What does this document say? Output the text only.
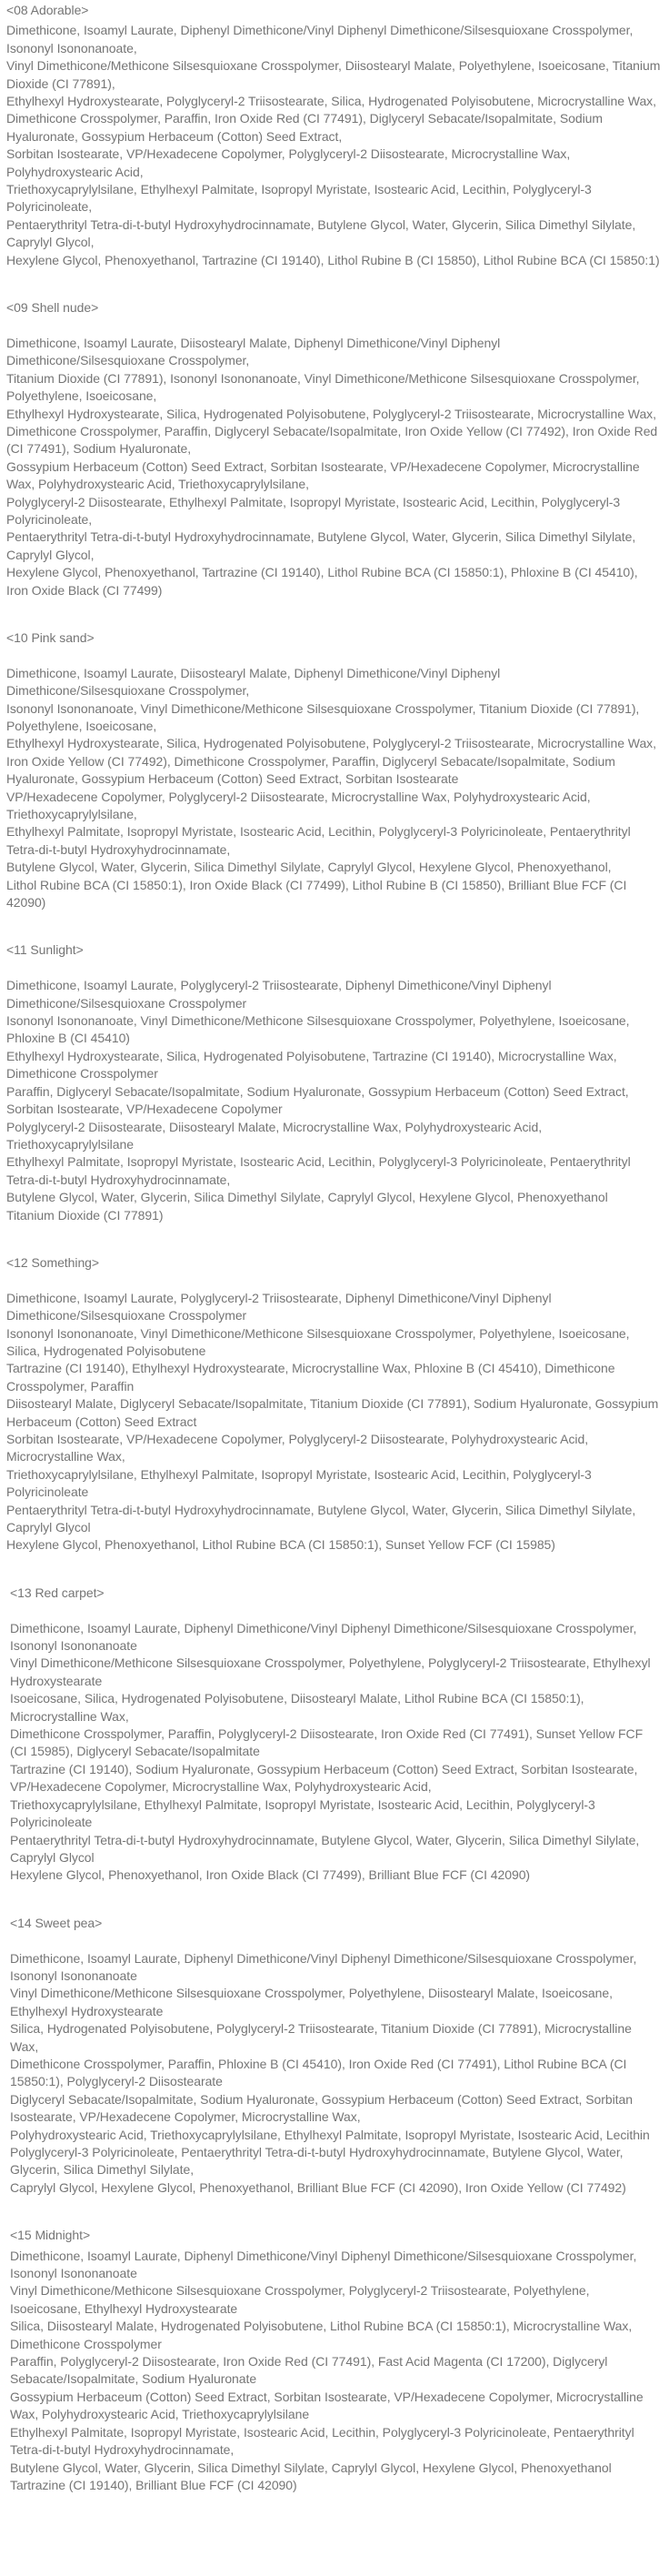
<08 Adorable>
Dimethicone, Isoamyl Laurate, Diphenyl Dimethicone/Vinyl Diphenyl Dimethicone/Silsesquioxane Crosspolymer, Isononyl Isononanoate,
Vinyl Dimethicone/Methicone Silsesquioxane Crosspolymer, Diisostearyl Malate, Polyethylene, Isoeicosane, Titanium Dioxide (CI 77891),
Ethylhexyl Hydroxystearate, Polyglyceryl-2 Triisostearate, Silica, Hydrogenated Polyisobutene, Microcrystalline Wax,
Dimethicone Crosspolymer, Paraffin, Iron Oxide Red (CI 77491), Diglyceryl Sebacate/Isopalmitate, Sodium Hyaluronate, Gossypium Herbaceum (Cotton) Seed Extract,
Sorbitan Isostearate, VP/Hexadecene Copolymer, Polyglyceryl-2 Diisostearate, Microcrystalline Wax, Polyhydroxystearic Acid,
Triethoxycaprylylsilane, Ethylhexyl Palmitate, Isopropyl Myristate, Isostearic Acid, Lecithin, Polyglyceryl-3 Polyricinoleate,
Pentaerythrityl Tetra-di-t-butyl Hydroxyhydrocinnamate, Butylene Glycol, Water, Glycerin, Silica Dimethyl Silylate, Caprylyl Glycol,
Hexylene Glycol, Phenoxyethanol, Tartrazine (CI 19140), Lithol Rubine B (CI 15850), Lithol Rubine BCA (CI 15850:1)
<09 Shell nude>
Dimethicone, Isoamyl Laurate, Diisostearyl Malate, Diphenyl Dimethicone/Vinyl Diphenyl Dimethicone/Silsesquioxane Crosspolymer,
Titanium Dioxide (CI 77891), Isononyl Isononanoate, Vinyl Dimethicone/Methicone Silsesquioxane Crosspolymer, Polyethylene, Isoeicosane,
Ethylhexyl Hydroxystearate, Silica, Hydrogenated Polyisobutene, Polyglyceryl-2 Triisostearate, Microcrystalline Wax,
Dimethicone Crosspolymer, Paraffin, Diglyceryl Sebacate/Isopalmitate, Iron Oxide Yellow (CI 77492), Iron Oxide Red (CI 77491), Sodium Hyaluronate,
Gossypium Herbaceum (Cotton) Seed Extract, Sorbitan Isostearate, VP/Hexadecene Copolymer, Microcrystalline Wax, Polyhydroxystearic Acid, Triethoxycaprylylsilane,
Polyglyceryl-2 Diisostearate, Ethylhexyl Palmitate, Isopropyl Myristate, Isostearic Acid, Lecithin, Polyglyceryl-3 Polyricinoleate,
Pentaerythrityl Tetra-di-t-butyl Hydroxyhydrocinnamate, Butylene Glycol, Water, Glycerin, Silica Dimethyl Silylate, Caprylyl Glycol,
Hexylene Glycol, Phenoxyethanol, Tartrazine (CI 19140), Lithol Rubine BCA (CI 15850:1), Phloxine B (CI 45410), Iron Oxide Black (CI 77499)
<10 Pink sand>
Dimethicone, Isoamyl Laurate, Diisostearyl Malate, Diphenyl Dimethicone/Vinyl Diphenyl Dimethicone/Silsesquioxane Crosspolymer,
Isononyl Isononanoate, Vinyl Dimethicone/Methicone Silsesquioxane Crosspolymer, Titanium Dioxide (CI 77891), Polyethylene, Isoeicosane,
Ethylhexyl Hydroxystearate, Silica, Hydrogenated Polyisobutene, Polyglyceryl-2 Triisostearate, Microcrystalline Wax,
Iron Oxide Yellow (CI 77492), Dimethicone Crosspolymer, Paraffin, Diglyceryl Sebacate/Isopalmitate, Sodium Hyaluronate, Gossypium Herbaceum (Cotton) Seed Extract, Sorbitan Isostearate
VP/Hexadecene Copolymer, Polyglyceryl-2 Diisostearate, Microcrystalline Wax, Polyhydroxystearic Acid, Triethoxycaprylylsilane,
Ethylhexyl Palmitate, Isopropyl Myristate, Isostearic Acid, Lecithin, Polyglyceryl-3 Polyricinoleate, Pentaerythrityl Tetra-di-t-butyl Hydroxyhydrocinnamate,
Butylene Glycol, Water, Glycerin, Silica Dimethyl Silylate, Caprylyl Glycol, Hexylene Glycol, Phenoxyethanol,
Lithol Rubine BCA (CI 15850:1), Iron Oxide Black (CI 77499), Lithol Rubine B (CI 15850), Brilliant Blue FCF (CI 42090)
<11 Sunlight>
Dimethicone, Isoamyl Laurate, Polyglyceryl-2 Triisostearate, Diphenyl Dimethicone/Vinyl Diphenyl Dimethicone/Silsesquioxane Crosspolymer
Isononyl Isononanoate, Vinyl Dimethicone/Methicone Silsesquioxane Crosspolymer, Polyethylene, Isoeicosane, Phloxine B (CI 45410)
Ethylhexyl Hydroxystearate, Silica, Hydrogenated Polyisobutene, Tartrazine (CI 19140), Microcrystalline Wax, Dimethicone Crosspolymer
Paraffin, Diglyceryl Sebacate/Isopalmitate, Sodium Hyaluronate, Gossypium Herbaceum (Cotton) Seed Extract, Sorbitan Isostearate, VP/Hexadecene Copolymer
Polyglyceryl-2 Diisostearate, Diisostearyl Malate, Microcrystalline Wax, Polyhydroxystearic Acid, Triethoxycaprylylsilane
Ethylhexyl Palmitate, Isopropyl Myristate, Isostearic Acid, Lecithin, Polyglyceryl-3 Polyricinoleate, Pentaerythrityl Tetra-di-t-butyl Hydroxyhydrocinnamate,
Butylene Glycol, Water, Glycerin, Silica Dimethyl Silylate, Caprylyl Glycol, Hexylene Glycol, Phenoxyethanol
Titanium Dioxide (CI 77891)
<12 Something>
Dimethicone, Isoamyl Laurate, Polyglyceryl-2 Triisostearate, Diphenyl Dimethicone/Vinyl Diphenyl Dimethicone/Silsesquioxane Crosspolymer
Isononyl Isononanoate, Vinyl Dimethicone/Methicone Silsesquioxane Crosspolymer, Polyethylene, Isoeicosane, Silica, Hydrogenated Polyisobutene
Tartrazine (CI 19140), Ethylhexyl Hydroxystearate, Microcrystalline Wax, Phloxine B (CI 45410), Dimethicone Crosspolymer, Paraffin
Diisostearyl Malate, Diglyceryl Sebacate/Isopalmitate, Titanium Dioxide (CI 77891), Sodium Hyaluronate, Gossypium Herbaceum (Cotton) Seed Extract
Sorbitan Isostearate, VP/Hexadecene Copolymer, Polyglyceryl-2 Diisostearate, Polyhydroxystearic Acid, Microcrystalline Wax,
Triethoxycaprylylsilane, Ethylhexyl Palmitate, Isopropyl Myristate, Isostearic Acid, Lecithin, Polyglyceryl-3 Polyricinoleate
Pentaerythrityl Tetra-di-t-butyl Hydroxyhydrocinnamate, Butylene Glycol, Water, Glycerin, Silica Dimethyl Silylate, Caprylyl Glycol
Hexylene Glycol, Phenoxyethanol, Lithol Rubine BCA (CI 15850:1), Sunset Yellow FCF (CI 15985)
<13 Red carpet>
Dimethicone, Isoamyl Laurate, Diphenyl Dimethicone/Vinyl Diphenyl Dimethicone/Silsesquioxane Crosspolymer, Isononyl Isononanoate
Vinyl Dimethicone/Methicone Silsesquioxane Crosspolymer, Polyethylene, Polyglyceryl-2 Triisostearate, Ethylhexyl Hydroxystearate
Isoeicosane, Silica, Hydrogenated Polyisobutene, Diisostearyl Malate, Lithol Rubine BCA (CI 15850:1), Microcrystalline Wax,
Dimethicone Crosspolymer, Paraffin, Polyglyceryl-2 Diisostearate, Iron Oxide Red (CI 77491), Sunset Yellow FCF (CI 15985), Diglyceryl Sebacate/Isopalmitate
Tartrazine (CI 19140), Sodium Hyaluronate, Gossypium Herbaceum (Cotton) Seed Extract, Sorbitan Isostearate, VP/Hexadecene Copolymer, Microcrystalline Wax, Polyhydroxystearic Acid,
Triethoxycaprylylsilane, Ethylhexyl Palmitate, Isopropyl Myristate, Isostearic Acid, Lecithin, Polyglyceryl-3 Polyricinoleate
Pentaerythrityl Tetra-di-t-butyl Hydroxyhydrocinnamate, Butylene Glycol, Water, Glycerin, Silica Dimethyl Silylate, Caprylyl Glycol
Hexylene Glycol, Phenoxyethanol, Iron Oxide Black (CI 77499), Brilliant Blue FCF (CI 42090)
<14 Sweet pea>
Dimethicone, Isoamyl Laurate, Diphenyl Dimethicone/Vinyl Diphenyl Dimethicone/Silsesquioxane Crosspolymer, Isononyl Isononanoate
Vinyl Dimethicone/Methicone Silsesquioxane Crosspolymer, Polyethylene, Diisostearyl Malate, Isoeicosane, Ethylhexyl Hydroxystearate
Silica, Hydrogenated Polyisobutene, Polyglyceryl-2 Triisostearate, Titanium Dioxide (CI 77891), Microcrystalline Wax,
Dimethicone Crosspolymer, Paraffin, Phloxine B (CI 45410), Iron Oxide Red (CI 77491), Lithol Rubine BCA (CI 15850:1), Polyglyceryl-2 Diisostearate
Diglyceryl Sebacate/Isopalmitate, Sodium Hyaluronate, Gossypium Herbaceum (Cotton) Seed Extract, Sorbitan Isostearate, VP/Hexadecene Copolymer, Microcrystalline Wax,
Polyhydroxystearic Acid, Triethoxycaprylylsilane, Ethylhexyl Palmitate, Isopropyl Myristate, Isostearic Acid, Lecithin
Polyglyceryl-3 Polyricinoleate, Pentaerythrityl Tetra-di-t-butyl Hydroxyhydrocinnamate, Butylene Glycol, Water, Glycerin, Silica Dimethyl Silylate,
Caprylyl Glycol, Hexylene Glycol, Phenoxyethanol, Brilliant Blue FCF (CI 42090), Iron Oxide Yellow (CI 77492)
<15 Midnight>
Dimethicone, Isoamyl Laurate, Diphenyl Dimethicone/Vinyl Diphenyl Dimethicone/Silsesquioxane Crosspolymer, Isononyl Isononanoate
Vinyl Dimethicone/Methicone Silsesquioxane Crosspolymer, Polyglyceryl-2 Triisostearate, Polyethylene, Isoeicosane, Ethylhexyl Hydroxystearate
Silica, Diisostearyl Malate, Hydrogenated Polyisobutene, Lithol Rubine BCA (CI 15850:1), Microcrystalline Wax, Dimethicone Crosspolymer
Paraffin, Polyglyceryl-2 Diisostearate, Iron Oxide Red (CI 77491), Fast Acid Magenta (CI 17200), Diglyceryl Sebacate/Isopalmitate, Sodium Hyaluronate
Gossypium Herbaceum (Cotton) Seed Extract, Sorbitan Isostearate, VP/Hexadecene Copolymer, Microcrystalline Wax, Polyhydroxystearic Acid, Triethoxycaprylylsilane
Ethylhexyl Palmitate, Isopropyl Myristate, Isostearic Acid, Lecithin, Polyglyceryl-3 Polyricinoleate, Pentaerythrityl Tetra-di-t-butyl Hydroxyhydrocinnamate,
Butylene Glycol, Water, Glycerin, Silica Dimethyl Silylate, Caprylyl Glycol, Hexylene Glycol, Phenoxyethanol
Tartrazine (CI 19140), Brilliant Blue FCF (CI 42090)
